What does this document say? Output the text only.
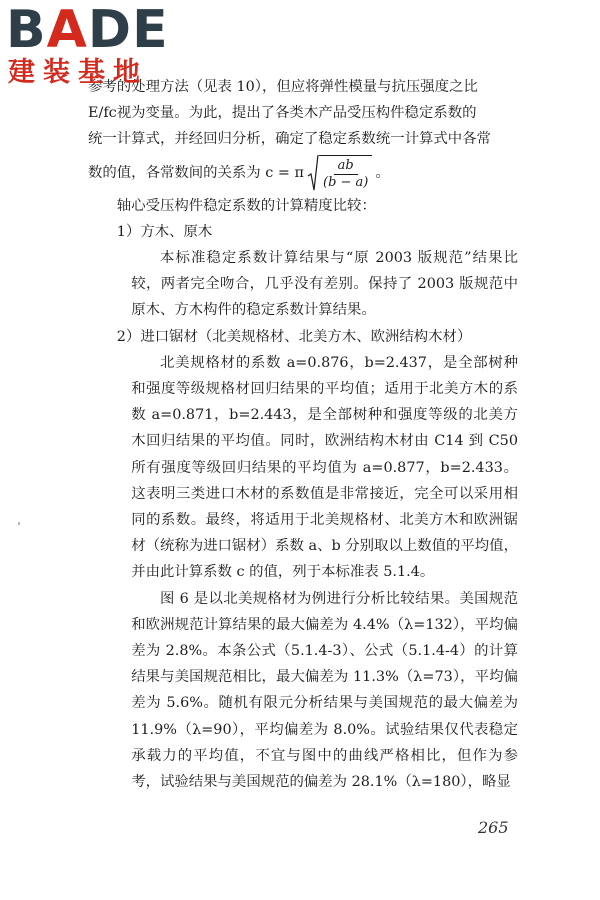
BADE
建装基地

参考的处理方法（见表 10），但应将弹性模量与抗压强度之比

E/fc视为变量。为此，提出了各类木产品受压构件稳定系数的

统一计算式，并经回归分析，确定了稳定系数统一计算式中各常

数的值，各常数间的关系为 c = π $\frac{ab}{(b - a)}$ 。

轴心受压构件稳定系数的计算精度比较：

1）方木、原木

本标准稳定系数计算结果与“原 2003 版规范”结果比较，两者完全吻合，几乎没有差别。保持了 2003 版规范中原木、方木构件的稳定系数计算结果。

2）进口锯材（北美规格材、北美方木、欧洲结构木材）

北美规格材的系数 a=0.876，b=2.437，是全部树种和强度等级规格材回归结果的平均值；适用于北美方木的系数 a=0.871，b=2.443，是全部树种和强度等级的北美方木回归结果的平均值。同时，欧洲结构木材由 C14 到 C50 所有强度等级回归结果的平均值为 a=0.877，b=2.433。这表明三类进口木材的系数值是非常接近，完全可以采用相同的系数。最终，将适用于北美规格材、北美方木和欧洲锯材（统称为进口锯材）系数 a、b 分别取以上数值的平均值，并由此计算系数 c 的值，列于本标准表 5.1.4。

图 6 是以北美规格材为例进行分析比较结果。美国规范和欧洲规范计算结果的最大偏差为 4.4%（λ=132），平均偏差为 2.8%。本条公式（5.1.4-3）、公式（5.1.4-4）的计算结果与美国规范相比，最大偏差为 11.3%（λ=73），平均偏差为 5.6%。随机有限元分析结果与美国规范的最大偏差为 11.9%（λ=90），平均偏差为 8.0%。试验结果仅代表稳定承载力的平均值，不宜与图中的曲线严格相比，但作为参考，试验结果与美国规范的偏差为 28.1%（λ=180），略显

265
